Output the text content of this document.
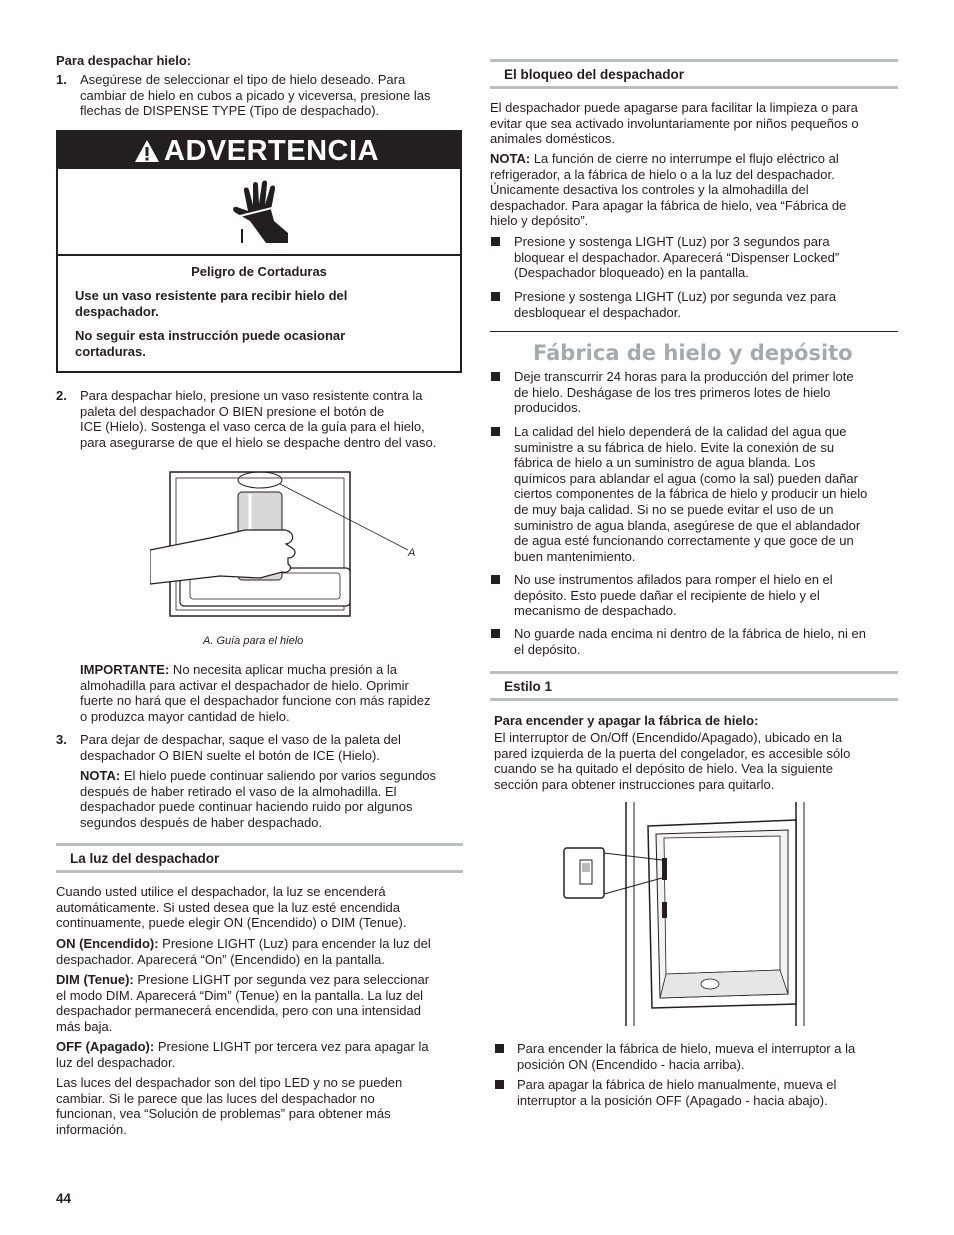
Para despachar hielo:
1. Asegúrese de seleccionar el tipo de hielo deseado. Para
cambiar de hielo en cubos a picado y viceversa, presione las
flechas de DISPENSE TYPE (Tipo de despachado).
ADVERTENCIA
Peligro de Cortaduras
Use un vaso resistente para recibir hielo del
despachador.
No seguir esta instrucción puede ocasionar
cortaduras.
2. Para despachar hielo, presione un vaso resistente contra la
paleta del despachador O BIEN presione el botón de
ICE (Hielo). Sostenga el vaso cerca de la guía para el hielo,
para asegurarse de que el hielo se despache dentro del vaso.
A
A. Guía para el hielo
IMPORTANTE: No necesita aplicar mucha presión a la
almohadilla para activar el despachador de hielo. Oprimir
fuerte no hará que el despachador funcione con más rapidez
o produzca mayor cantidad de hielo.
3. Para dejar de despachar, saque el vaso de la paleta del
despachador O BIEN suelte el botón de ICE (Hielo).
NOTA: El hielo puede continuar saliendo por varios segundos
después de haber retirado el vaso de la almohadilla. El
despachador puede continuar haciendo ruido por algunos
segundos después de haber despachado.
La luz del despachador
Cuando usted utilice el despachador, la luz se encenderá
automáticamente. Si usted desea que la luz esté encendida
continuamente, puede elegir ON (Encendido) o DIM (Tenue).
ON (Encendido): Presione LIGHT (Luz) para encender la luz del
despachador. Aparecerá “On” (Encendido) en la pantalla.
DIM (Tenue): Presione LIGHT por segunda vez para seleccionar
el modo DIM. Aparecerá “Dim” (Tenue) en la pantalla. La luz del
despachador permanecerá encendida, pero con una intensidad
más baja.
OFF (Apagado): Presione LIGHT por tercera vez para apagar la
luz del despachador.
Las luces del despachador son del tipo LED y no se pueden
cambiar. Si le parece que las luces del despachador no
funcionan, vea “Solución de problemas” para obtener más
información.
44
El bloqueo del despachador
El despachador puede apagarse para facilitar la limpieza o para
evitar que sea activado involuntariamente por niños pequeños o
animales domésticos.
NOTA: La función de cierre no interrumpe el flujo eléctrico al
refrigerador, a la fábrica de hielo o a la luz del despachador.
Únicamente desactiva los controles y la almohadilla del
despachador. Para apagar la fábrica de hielo, vea “Fábrica de
hielo y depósito”.
Presione y sostenga LIGHT (Luz) por 3 segundos para
bloquear el despachador. Aparecerá “Dispenser Locked”
(Despachador bloqueado) en la pantalla.
Presione y sostenga LIGHT (Luz) por segunda vez para
desbloquear el despachador.
Fábrica de hielo y depósito
Deje transcurrir 24 horas para la producción del primer lote
de hielo. Deshágase de los tres primeros lotes de hielo
producidos.
La calidad del hielo dependerá de la calidad del agua que
suministre a su fábrica de hielo. Evite la conexión de su
fábrica de hielo a un suministro de agua blanda. Los
químicos para ablandar el agua (como la sal) pueden dañar
ciertos componentes de la fábrica de hielo y producir un hielo
de muy baja calidad. Si no se puede evitar el uso de un
suministro de agua blanda, asegúrese de que el ablandador
de agua esté funcionando correctamente y que goce de un
buen mantenimiento.
No use instrumentos afilados para romper el hielo en el
depósito. Esto puede dañar el recipiente de hielo y el
mecanismo de despachado.
No guarde nada encima ni dentro de la fábrica de hielo, ni en
el depósito.
Estilo 1
Para encender y apagar la fábrica de hielo:
El interruptor de On/Off (Encendido/Apagado), ubicado en la
pared izquierda de la puerta del congelador, es accesible sólo
cuando se ha quitado el depósito de hielo. Vea la siguiente
sección para obtener instrucciones para quitarlo.
Para encender la fábrica de hielo, mueva el interruptor a la
posición ON (Encendido - hacia arriba).
Para apagar la fábrica de hielo manualmente, mueva el
interruptor a la posición OFF (Apagado - hacia abajo).
